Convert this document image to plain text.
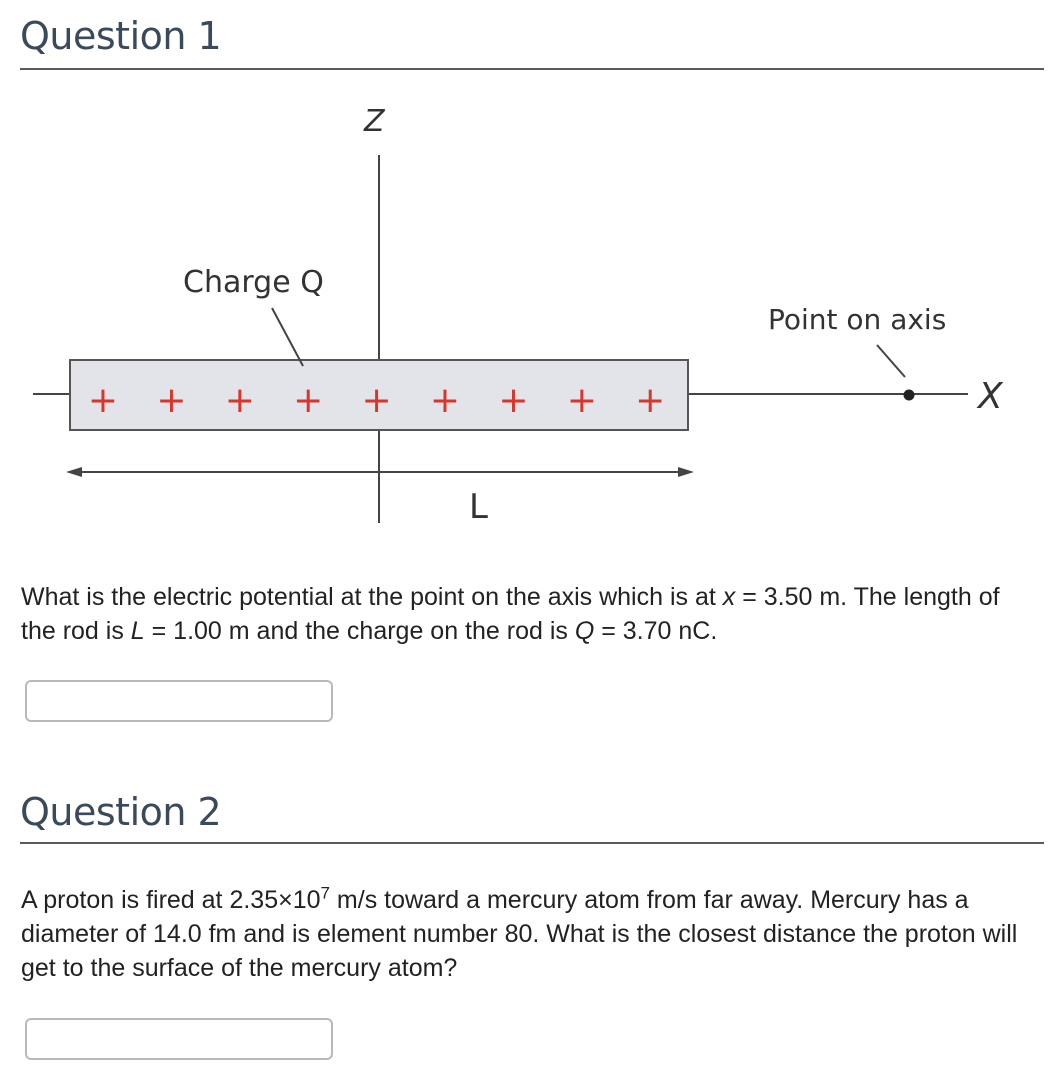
Question 1
Z
+ + + + + + + + +
Charge Q
Point on axis
X
L

What is the electric potential at the point on the axis which is at x = 3.50 m. The length of the rod is L = 1.00 m and the charge on the rod is Q = 3.70 nC.

Question 2

A proton is fired at $2.35\times 10^7$ m/s toward a mercury atom from far away. Mercury has a diameter of 14.0 fm and is element number 80. What is the closest distance the proton will get to the surface of the mercury atom?
